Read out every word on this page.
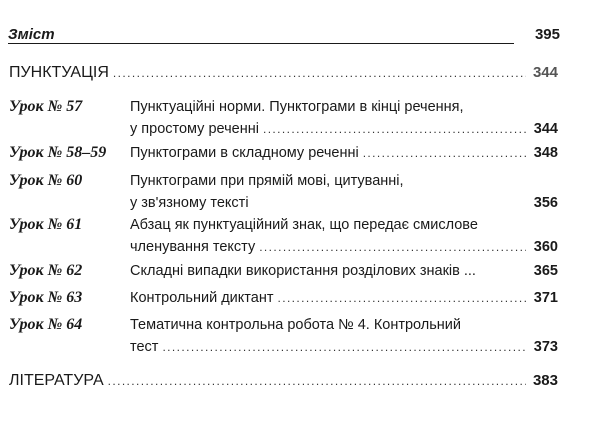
Зміст	395
ПУНКТУАЦІЯ .....	344
Урок № 57	Пунктуаційні норми. Пунктограми в кінці речення,
у простому реченні .....	344
Урок № 58–59 Пунктограми в складному реченні .....	348
Урок № 60	Пунктограми при прямій мові, цитуванні,
у зв'язному тексті	356
Урок № 61	Абзац як пунктуаційний знак, що передає смислове
членування тексту .....	360
Урок № 62	Складні випадки використання розділових знаків ...	365
Урок № 63	Контрольний диктант .....	371
Урок № 64	Тематична контрольна робота № 4. Контрольний
тест .....	373
ЛІТЕРАТУРА .....	383
